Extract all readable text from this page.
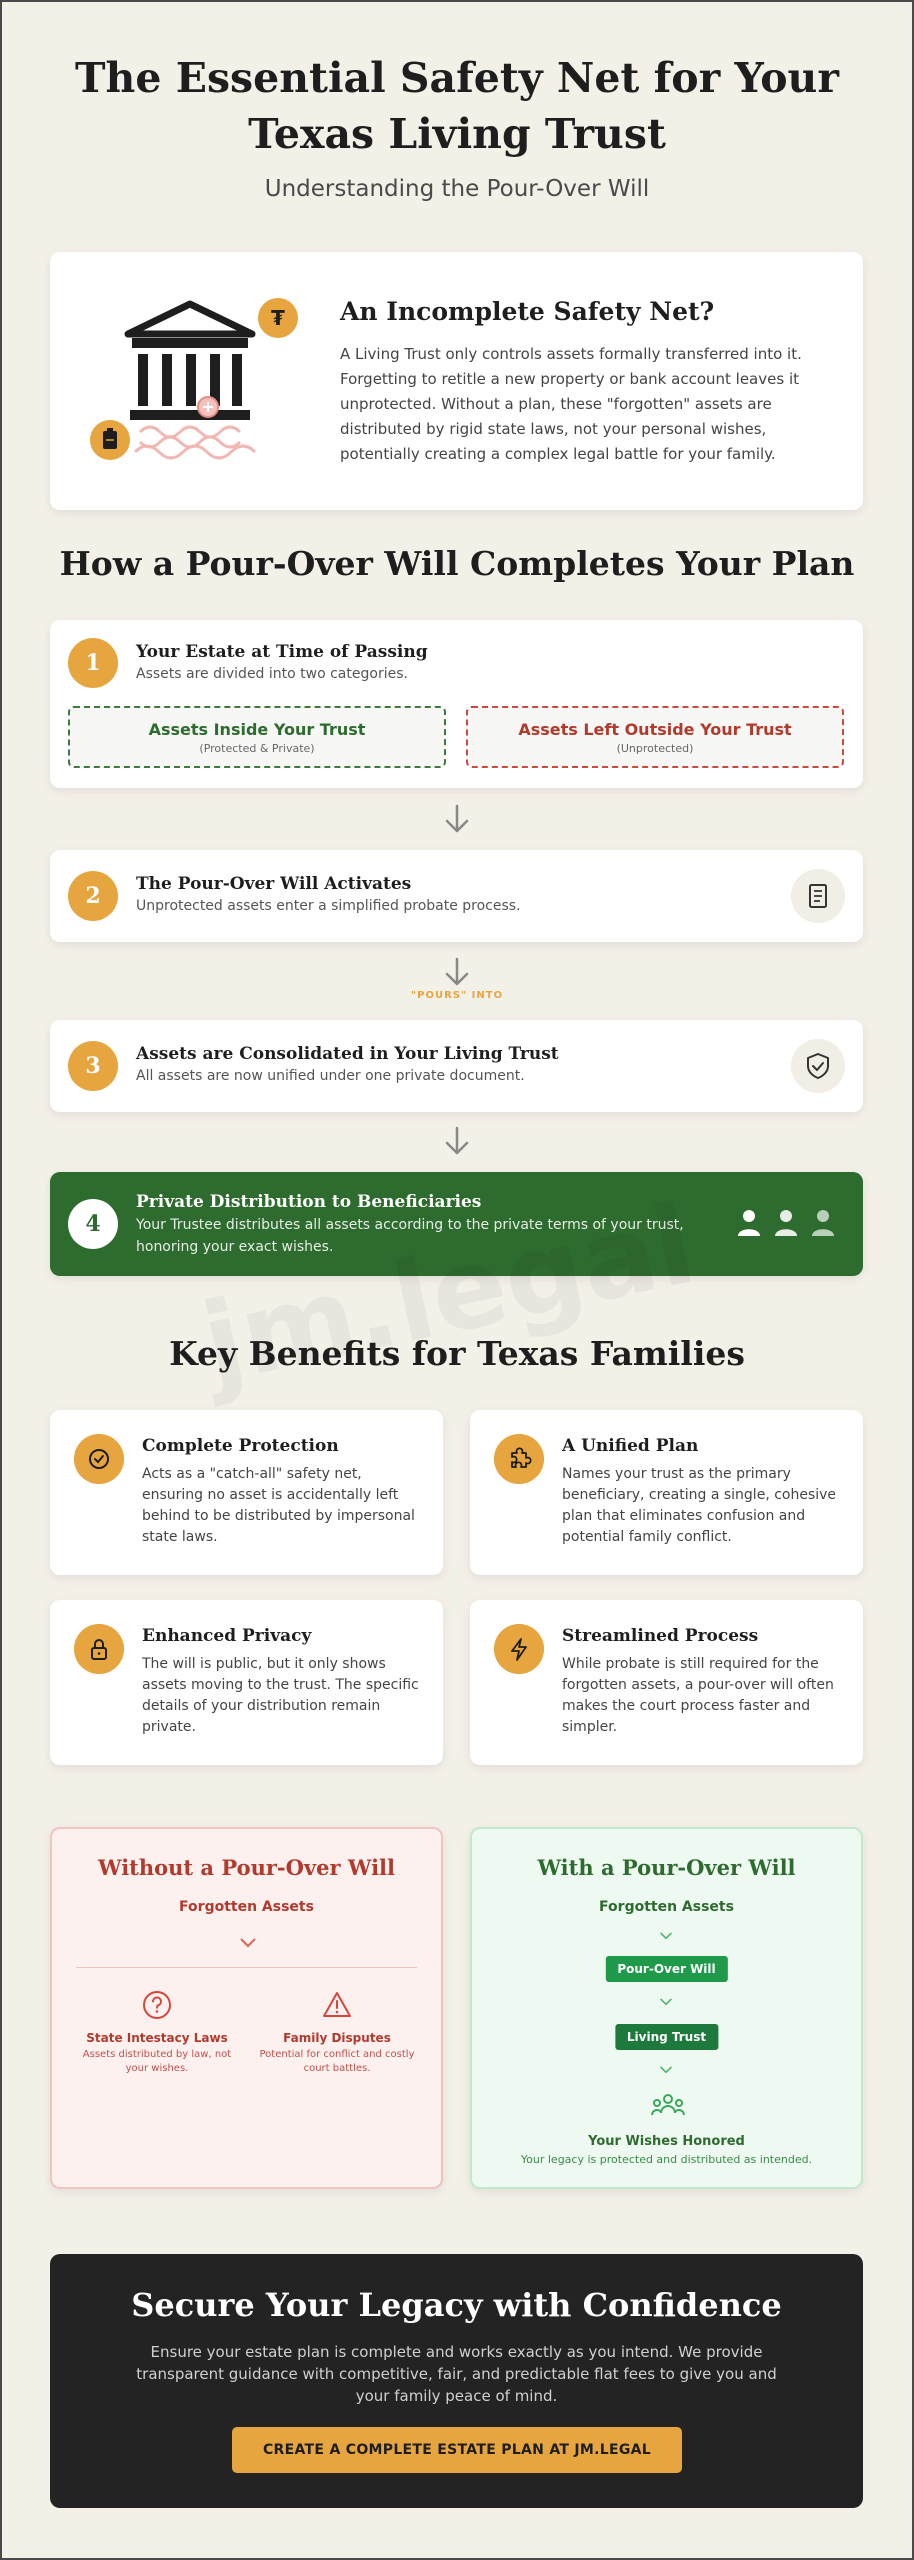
The Essential Safety Net for Your Texas Living Trust
Understanding the Pour-Over Will
₮ An Incomplete Safety Net?

A Living Trust only controls assets formally transferred into it. Forgetting to retitle a new property or bank account leaves it unprotected. Without a plan, these "forgotten" assets are distributed by rigid state laws, not your personal wishes, potentially creating a complex legal battle for your family.

How a Pour-Over Will Completes Your Plan
1	Your Estate at Time of Passing
Assets are divided into two categories.
Assets Inside Your Trust
(Protected & Private)
Assets Left Outside Your Trust
(Unprotected)
2	The Pour-Over Will Activates
Unprotected assets enter a simplified probate process.
"POURS" INTO
3	Assets are Consolidated in Your Living Trust
All assets are now unified under one private document.
4
Private Distribution to Beneficiaries
Your Trustee distributes all assets according to the private terms of your trust, honoring your exact wishes.
Key Benefits for Texas Families
Complete Protection

Acts as a "catch-all" safety net, ensuring no asset is accidentally left behind to be distributed by impersonal state laws.

A Unified Plan

Names your trust as the primary beneficiary, creating a single, cohesive plan that eliminates confusion and potential family conflict.

Enhanced Privacy

The will is public, but it only shows assets moving to the trust. The specific details of your distribution remain private.

Streamlined Process

While probate is still required for the forgotten assets, a pour-over will often makes the court process faster and simpler.

Without a Pour-Over Will
Forgotten Assets
State Intestacy Laws
Assets distributed by law, not your wishes.
Family Disputes
Potential for conflict and costly court battles.
With a Pour-Over Will
Forgotten Assets
Pour-Over Will
Living Trust
Your Wishes Honored
Your legacy is protected and distributed as intended.
Secure Your Legacy with Confidence

Ensure your estate plan is complete and works exactly as you intend. We provide transparent guidance with competitive, fair, and predictable flat fees to give you and your family peace of mind.

CREATE A COMPLETE ESTATE PLAN AT JM.LEGAL
